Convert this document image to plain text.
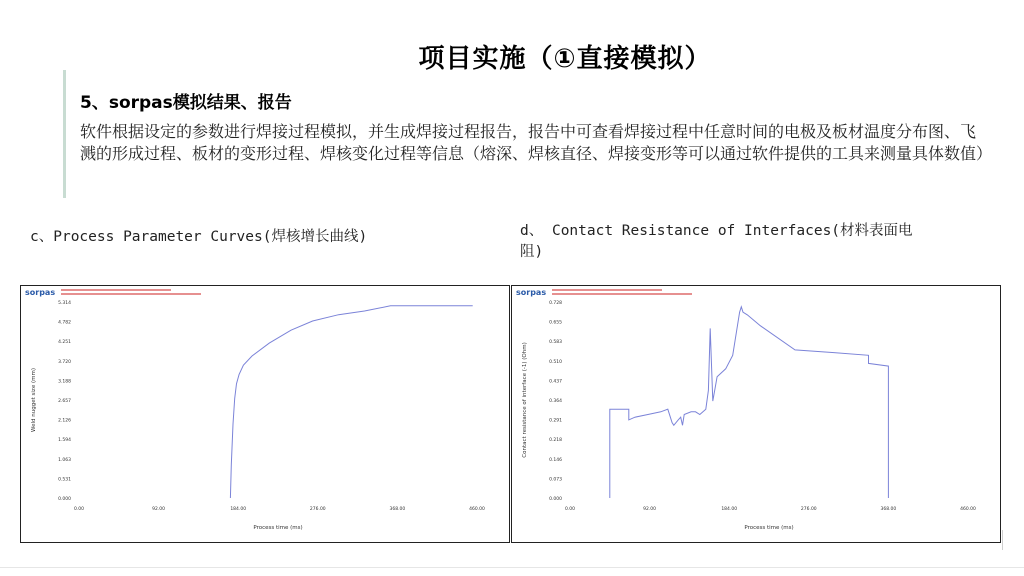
项目实施（①直接模拟）
5、sorpas模拟结果、报告
软件根据设定的参数进行焊接过程模拟，并生成焊接过程报告，报告中可查看焊接过程中任意时间的电极及板材温度分布图、飞溅的形成过程、板材的变形过程、焊核变化过程等信息（熔深、焊核直径、焊接变形等可以通过软件提供的工具来测量具体数值）
c、Process Parameter Curves(焊核增长曲线)	d、 Contact Resistance of Interfaces(材料表面电阻)
sorpas
0.000
0.531
1.063
1.594
2.126
2.657
3.188
3.720
4.251
4.782
5.314
0.00	92.00	184.00	276.00	368.00	460.00
Process time (ms)
Weld nugget size (mm)
sorpas
0.000
0.073
0.146
0.218
0.291
0.364
0.437
0.510
0.583
0.655
0.728
0.00	92.00	184.00	276.00	368.00	460.00
Process time (ms)
Contact resistance of interface (-1) (Ohm)
